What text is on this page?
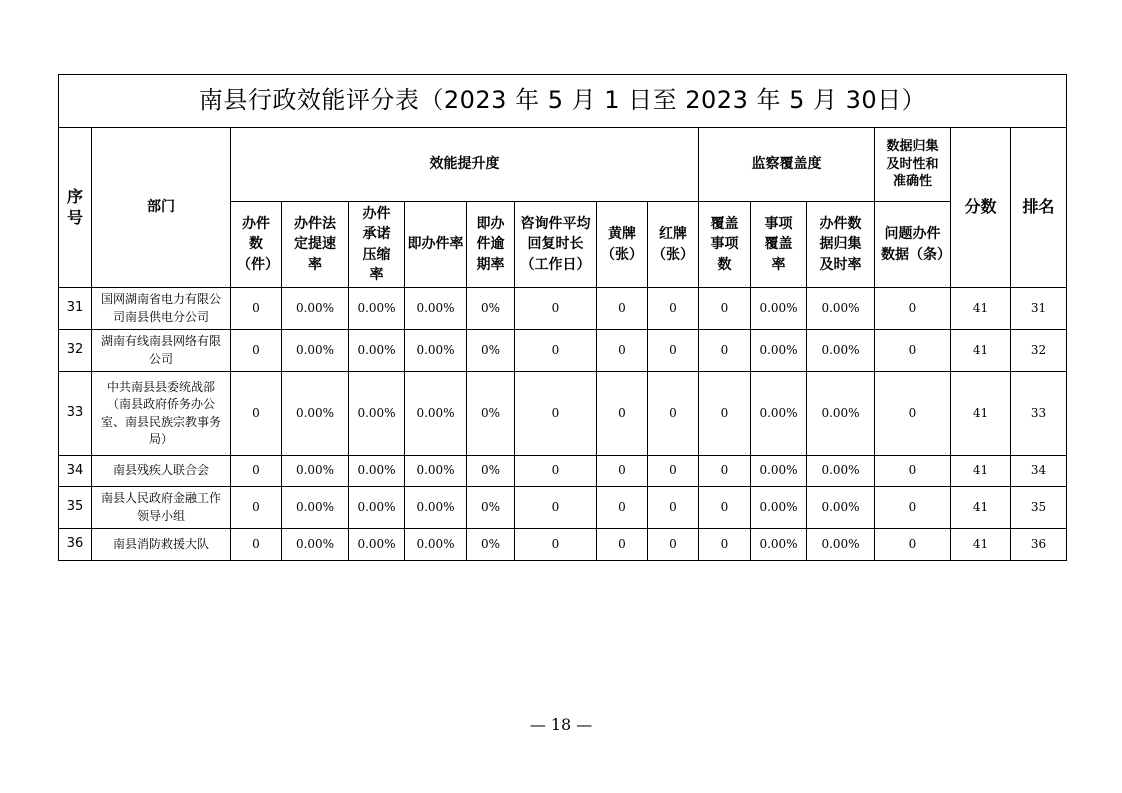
南县行政效能评分表（2023 年 5 月 1 日至 2023 年 5 月 30日）															
序号	部门	效能提升度								监察覆盖度			数据归集及时性和准确性	分数	排名
		办件数（件）	办件法定提速率	办件承诺压缩率	即办件率	即办件逾期率	咨询件平均回复时长（工作日）	黄牌（张）	红牌（张）	覆盖事项数	事项覆盖率	办件数据归集及时率	问题办件数据（条）		
31	国网湖南省电力有限公司南县供电分公司	0	0.00%	0.00%	0.00%	0%	0	0	0	0	0.00%	0.00%	0	41	31
32	湖南有线南县网络有限公司	0	0.00%	0.00%	0.00%	0%	0	0	0	0	0.00%	0.00%	0	41	32
33	中共南县县委统战部（南县政府侨务办公室、南县民族宗教事务局）	0	0.00%	0.00%	0.00%	0%	0	0	0	0	0.00%	0.00%	0	41	33
34	南县残疾人联合会	0	0.00%	0.00%	0.00%	0%	0	0	0	0	0.00%	0.00%	0	41	34
35	南县人民政府金融工作领导小组	0	0.00%	0.00%	0.00%	0%	0	0	0	0	0.00%	0.00%	0	41	35
36	南县消防救援大队	0	0.00%	0.00%	0.00%	0%	0	0	0	0	0.00%	0.00%	0	41	36
— 18 —
